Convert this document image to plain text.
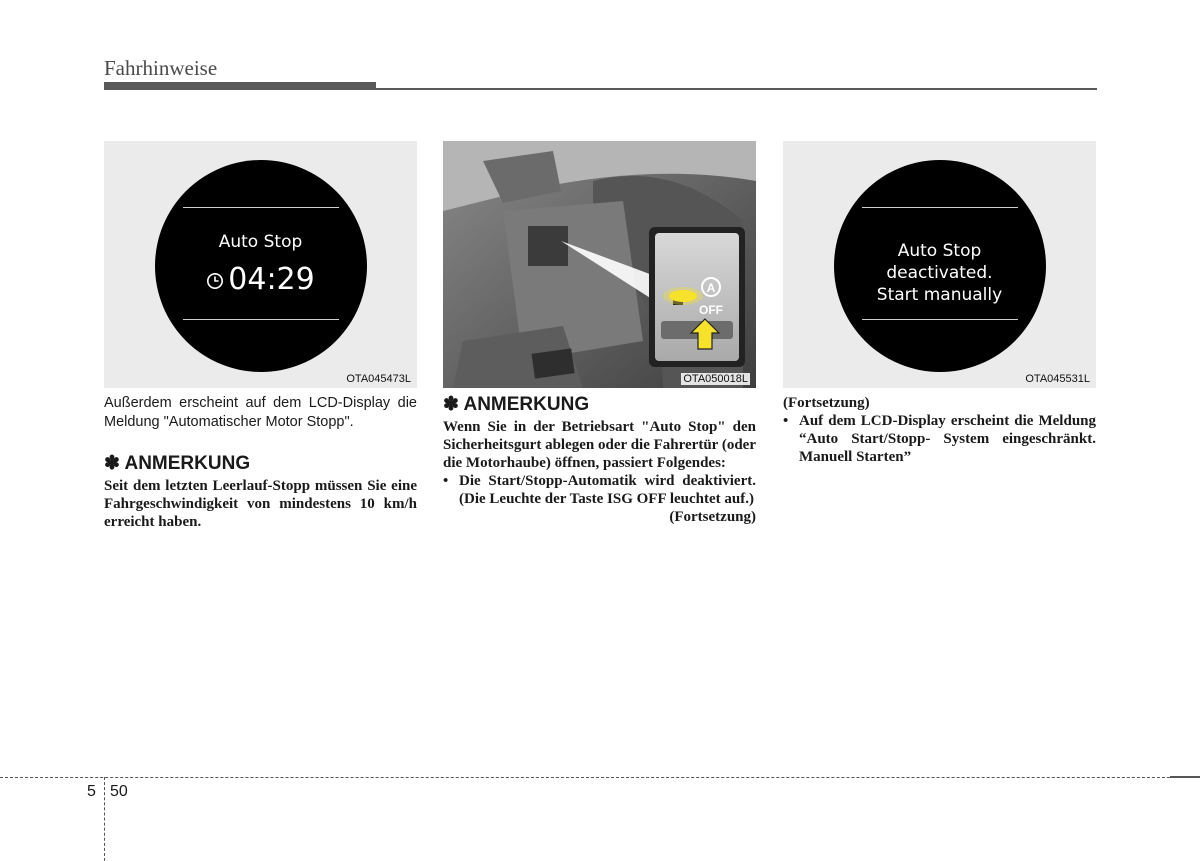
Fahrhinweise
Auto Stop
04:29
OTA045473L
A
OFF
OTA050018L
Auto Stop
deactivated.
Start manually
OTA045531L

Außerdem erscheint auf dem LCD-Display die Meldung "Automatischer Motor Stopp".

✽ ANMERKUNG

Seit dem letzten Leerlauf-Stopp müssen Sie eine Fahrgeschwindigkeit von mindestens 10 km/h erreicht haben.

✽ ANMERKUNG

Wenn Sie in der Betriebsart "Auto Stop" den Sicherheitsgurt ablegen oder die Fahrertür (oder die Motorhaube) öffnen, passiert Folgendes:

• Die Start/Stopp-Automatik wird deaktiviert. (Die Leuchte der Taste ISG OFF leuchtet auf.)

(Fortsetzung)

(Fortsetzung)

• Auf dem LCD-Display erscheint die Meldung “Auto Start/Stopp- System eingeschränkt. Manuell Starten”

5 50
